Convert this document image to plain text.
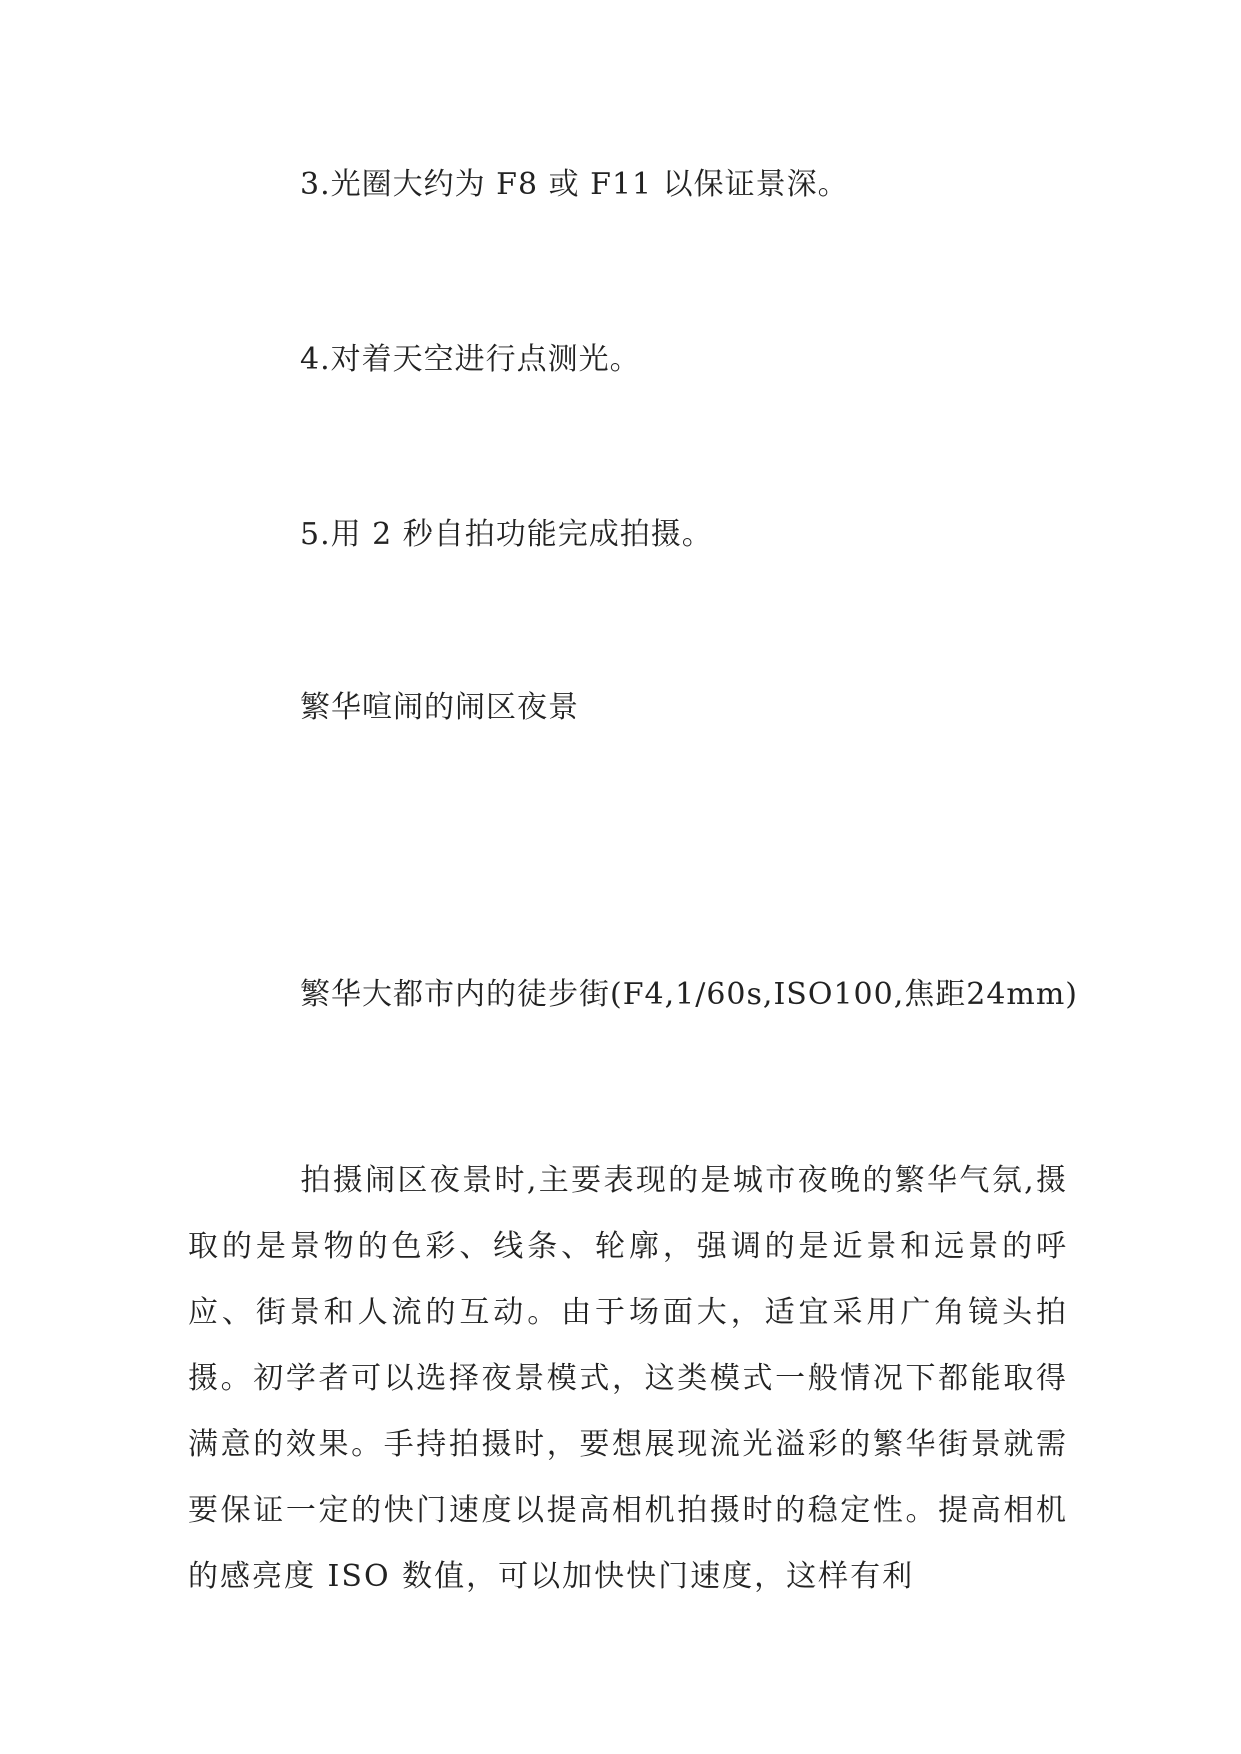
3.光圈大约为 F8 或 F11 以保证景深。
4.对着天空进行点测光。
5.用 2 秒自拍功能完成拍摄。
繁华喧闹的闹区夜景
繁华大都市内的徒步街(F4,1/60s,ISO100,焦距24mm)
拍摄闹区夜景时,主要表现的是城市夜晚的繁华气氛,摄取的是景物的色彩、线条、轮廓，强调的是近景和远景的呼应、街景和人流的互动。由于场面大，适宜采用广角镜头拍摄。初学者可以选择夜景模式，这类模式一般情况下都能取得满意的效果。手持拍摄时，要想展现流光溢彩的繁华街景就需要保证一定的快门速度以提高相机拍摄时的稳定性。提高相机的感亮度 ISO 数值，可以加快快门速度，这样有利
